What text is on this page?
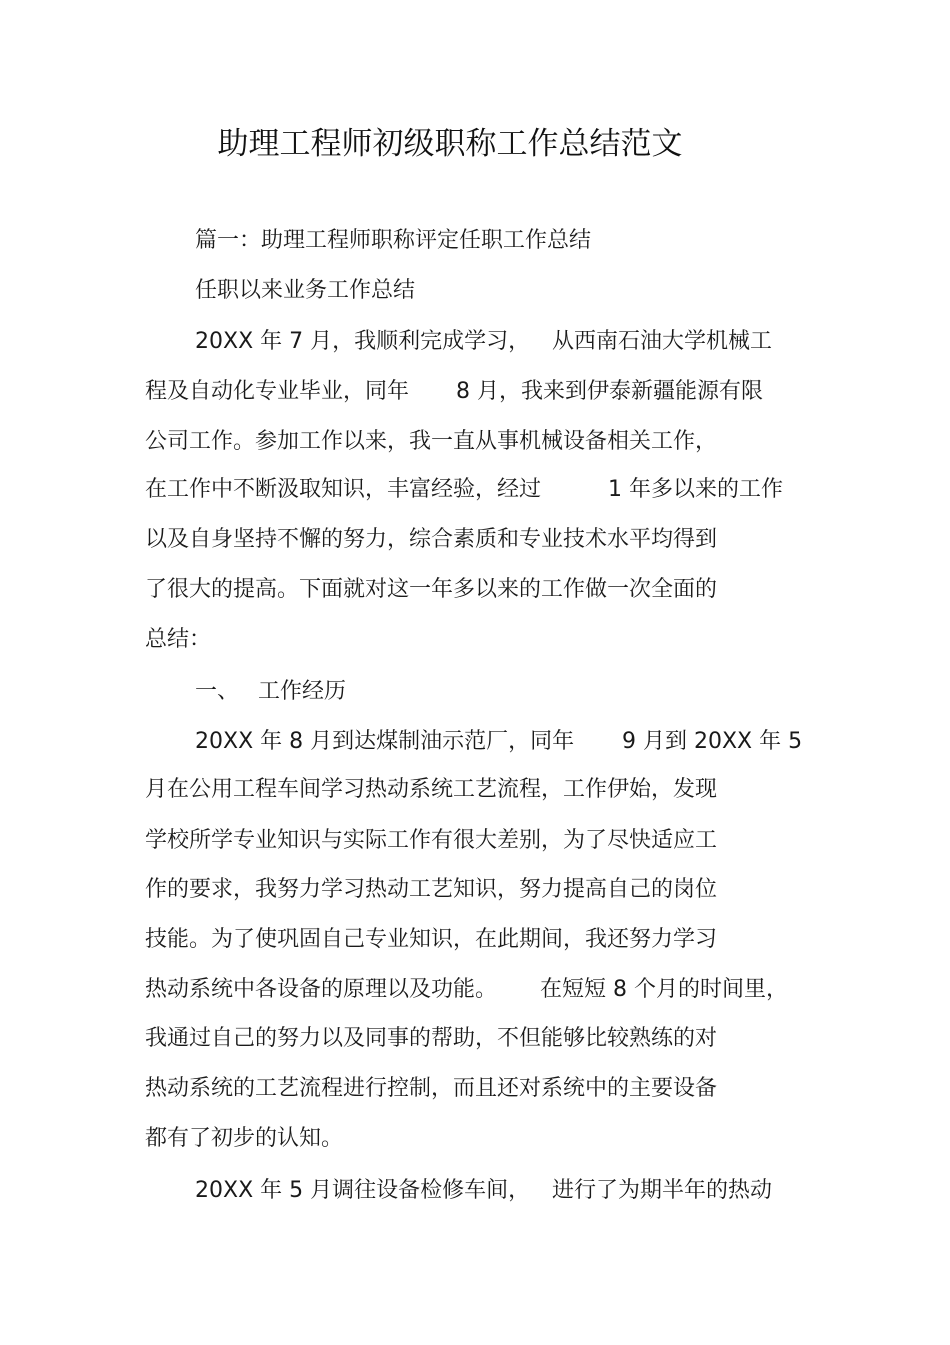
助理工程师初级职称工作总结范文
篇一：助理工程师职称评定任职工作总结
任职以来业务工作总结
20XX 年 7 月，我顺利完成学习， 从西南石油大学机械工
程及自动化专业毕业，同年 8 月，我来到伊泰新疆能源有限
公司工作。参加工作以来，我一直从事机械设备相关工作，
在工作中不断汲取知识，丰富经验，经过	1 年多以来的工作
以及自身坚持不懈的努力，综合素质和专业技术水平均得到
了很大的提高。下面就对这一年多以来的工作做一次全面的
总结：
一、 工作经历
20XX 年 8 月到达煤制油示范厂，同年 9 月到 20XX 年 5
月在公用工程车间学习热动系统工艺流程，工作伊始，发现
学校所学专业知识与实际工作有很大差别，为了尽快适应工
作的要求，我努力学习热动工艺知识，努力提高自己的岗位
技能。为了使巩固自己专业知识，在此期间，我还努力学习
热动系统中各设备的原理以及功能。 在短短 8 个月的时间里，
我通过自己的努力以及同事的帮助，不但能够比较熟练的对
热动系统的工艺流程进行控制，而且还对系统中的主要设备
都有了初步的认知。
20XX 年 5 月调往设备检修车间， 进行了为期半年的热动
